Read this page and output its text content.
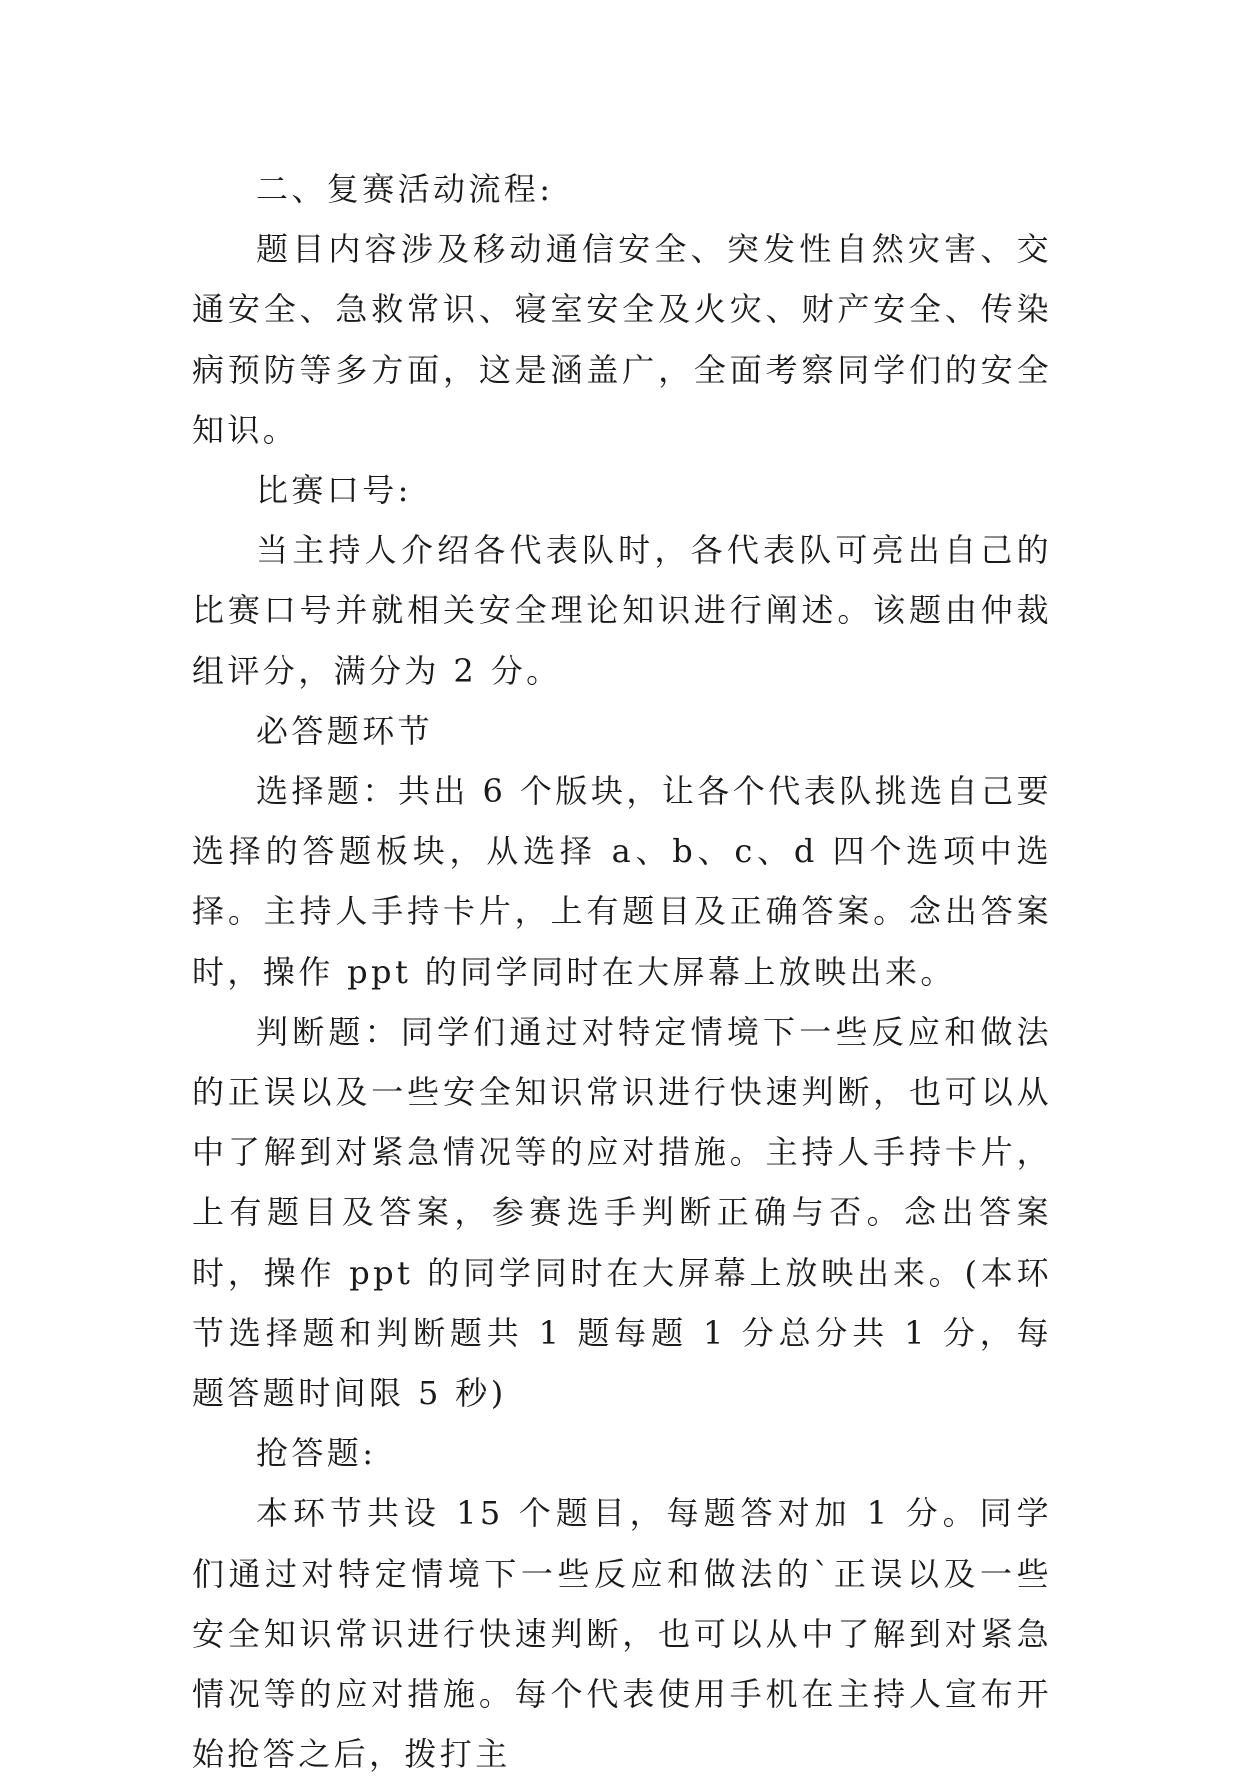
二、复赛活动流程:

题目内容涉及移动通信安全、突发性自然灾害、交通安全、急救常识、寝室安全及火灾、财产安全、传染病预防等多方面，这是涵盖广，全面考察同学们的安全知识。

比赛口号:

当主持人介绍各代表队时，各代表队可亮出自己的比赛口号并就相关安全理论知识进行阐述。该题由仲裁组评分，满分为 2 分。

必答题环节

选择题：共出 6 个版块，让各个代表队挑选自己要选择的答题板块，从选择 a、b、c、d 四个选项中选择。主持人手持卡片，上有题目及正确答案。念出答案时，操作 ppt 的同学同时在大屏幕上放映出来。

判断题：同学们通过对特定情境下一些反应和做法的正误以及一些安全知识常识进行快速判断，也可以从中了解到对紧急情况等的应对措施。主持人手持卡片，上有题目及答案，参赛选手判断正确与否。念出答案时，操作 ppt 的同学同时在大屏幕上放映出来。(本环节选择题和判断题共 1 题每题 1 分总分共 1 分，每题答题时间限 5 秒)

抢答题:

本环节共设 15 个题目，每题答对加 1 分。同学们通过对特定情境下一些反应和做法的`正误以及一些安全知识常识进行快速判断，也可以从中了解到对紧急情况等的应对措施。每个代表使用手机在主持人宣布开始抢答之后，拨打主
